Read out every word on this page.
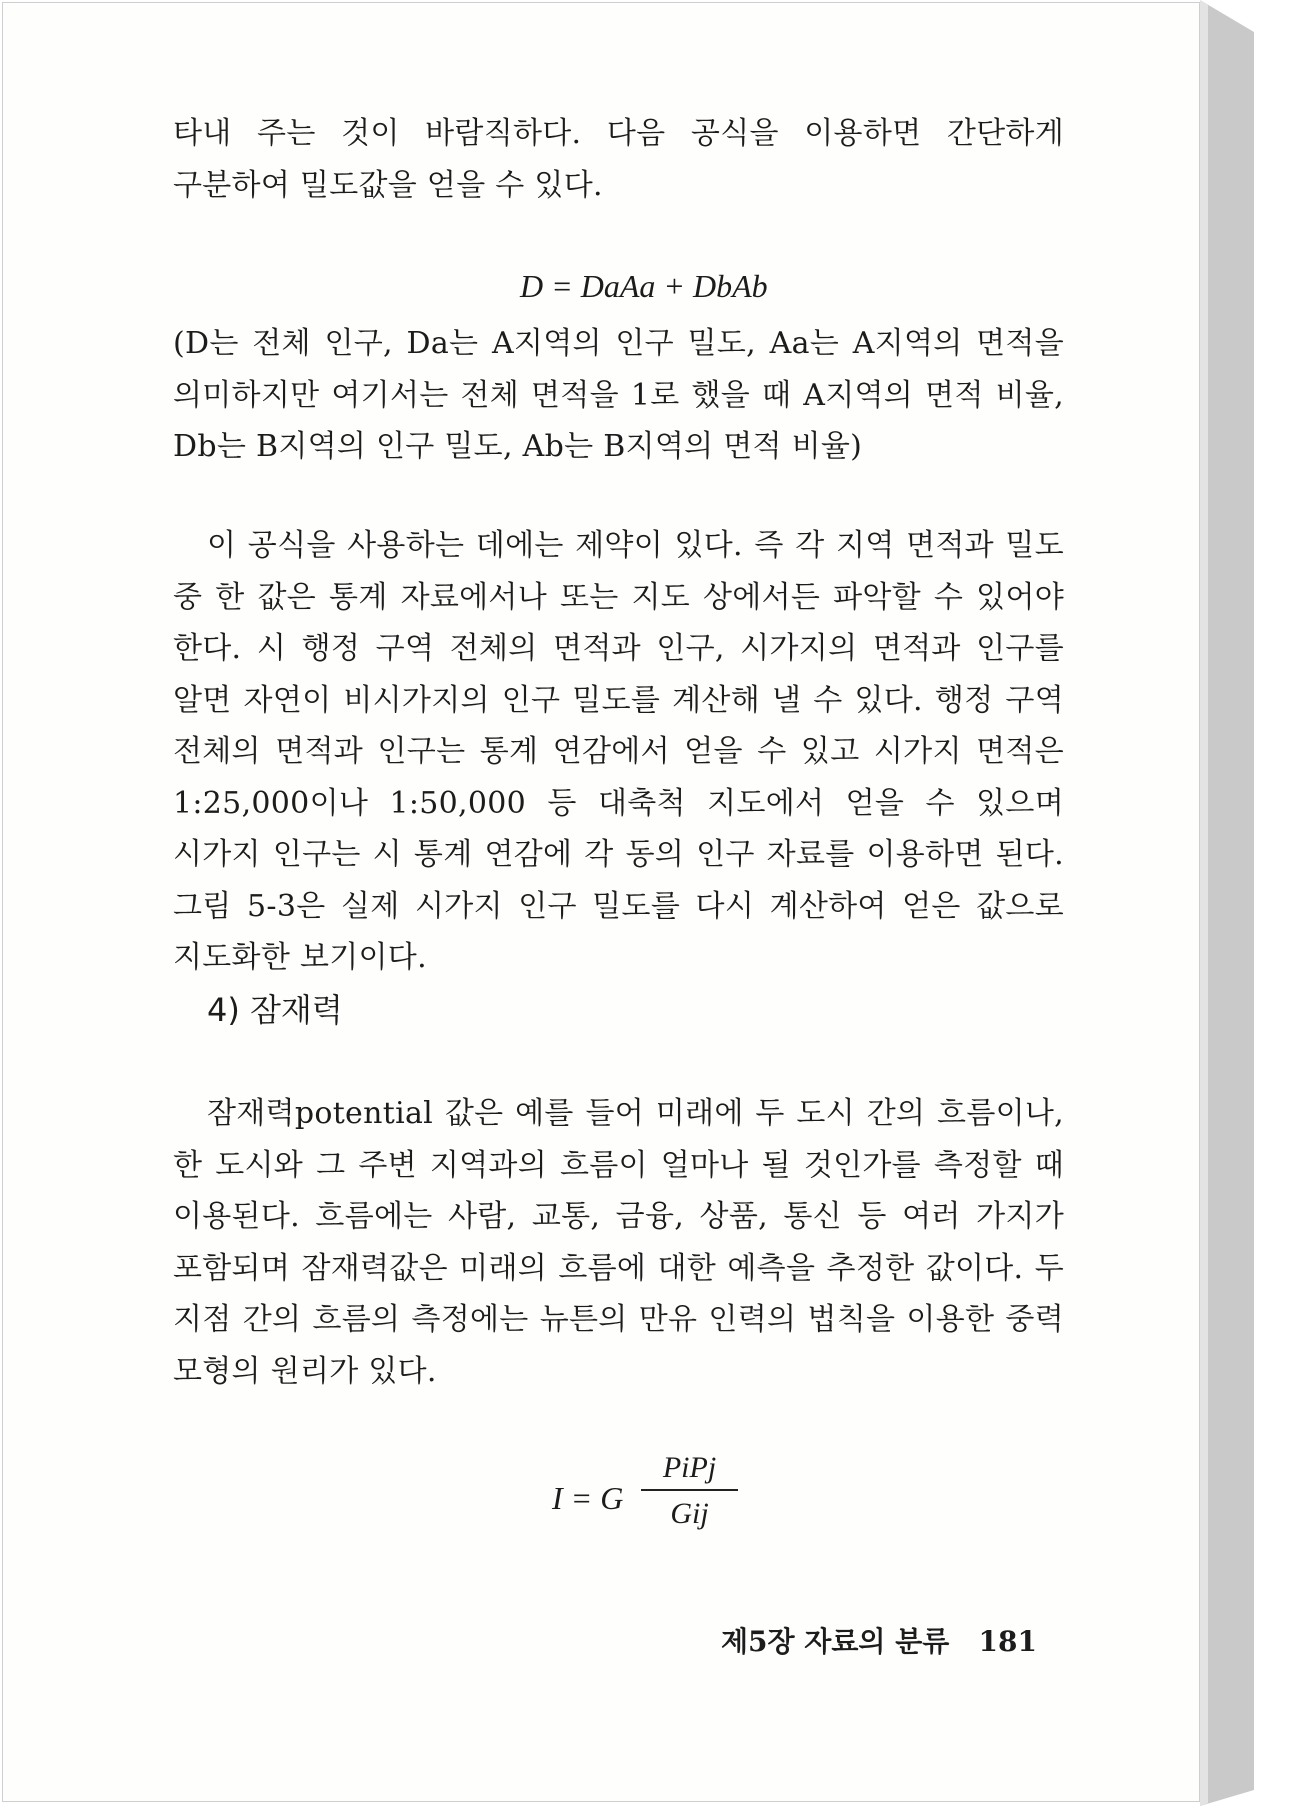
타내 주는 것이 바람직하다. 다음 공식을 이용하면 간단하게 구분하여 밀도값을 얻을 수 있다.
D = DaAa + DbAb
(D는 전체 인구, Da는 A지역의 인구 밀도, Aa는 A지역의 면적을 의미하지만 여기서는 전체 면적을 1로 했을 때 A지역의 면적 비율, Db는 B지역의 인구 밀도, Ab는 B지역의 면적 비율)
이 공식을 사용하는 데에는 제약이 있다. 즉 각 지역 면적과 밀도 중 한 값은 통계 자료에서나 또는 지도 상에서든 파악할 수 있어야 한다. 시 행정 구역 전체의 면적과 인구, 시가지의 면적과 인구를 알면 자연이 비시가지의 인구 밀도를 계산해 낼 수 있다. 행정 구역 전체의 면적과 인구는 통계 연감에서 얻을 수 있고 시가지 면적은 1:25,000이나 1:50,000 등 대축척 지도에서 얻을 수 있으며 시가지 인구는 시 통계 연감에 각 동의 인구 자료를 이용하면 된다. 그림 5-3은 실제 시가지 인구 밀도를 다시 계산하여 얻은 값으로 지도화한 보기이다.
4) 잠재력
잠재력potential 값은 예를 들어 미래에 두 도시 간의 흐름이나, 한 도시와 그 주변 지역과의 흐름이 얼마나 될 것인가를 측정할 때 이용된다. 흐름에는 사람, 교통, 금융, 상품, 통신 등 여러 가지가 포함되며 잠재력값은 미래의 흐름에 대한 예측을 추정한 값이다. 두 지점 간의 흐름의 측정에는 뉴튼의 만유 인력의 법칙을 이용한 중력 모형의 원리가 있다.
I = G
PiPj
Gij
제5장 자료의 분류 181
